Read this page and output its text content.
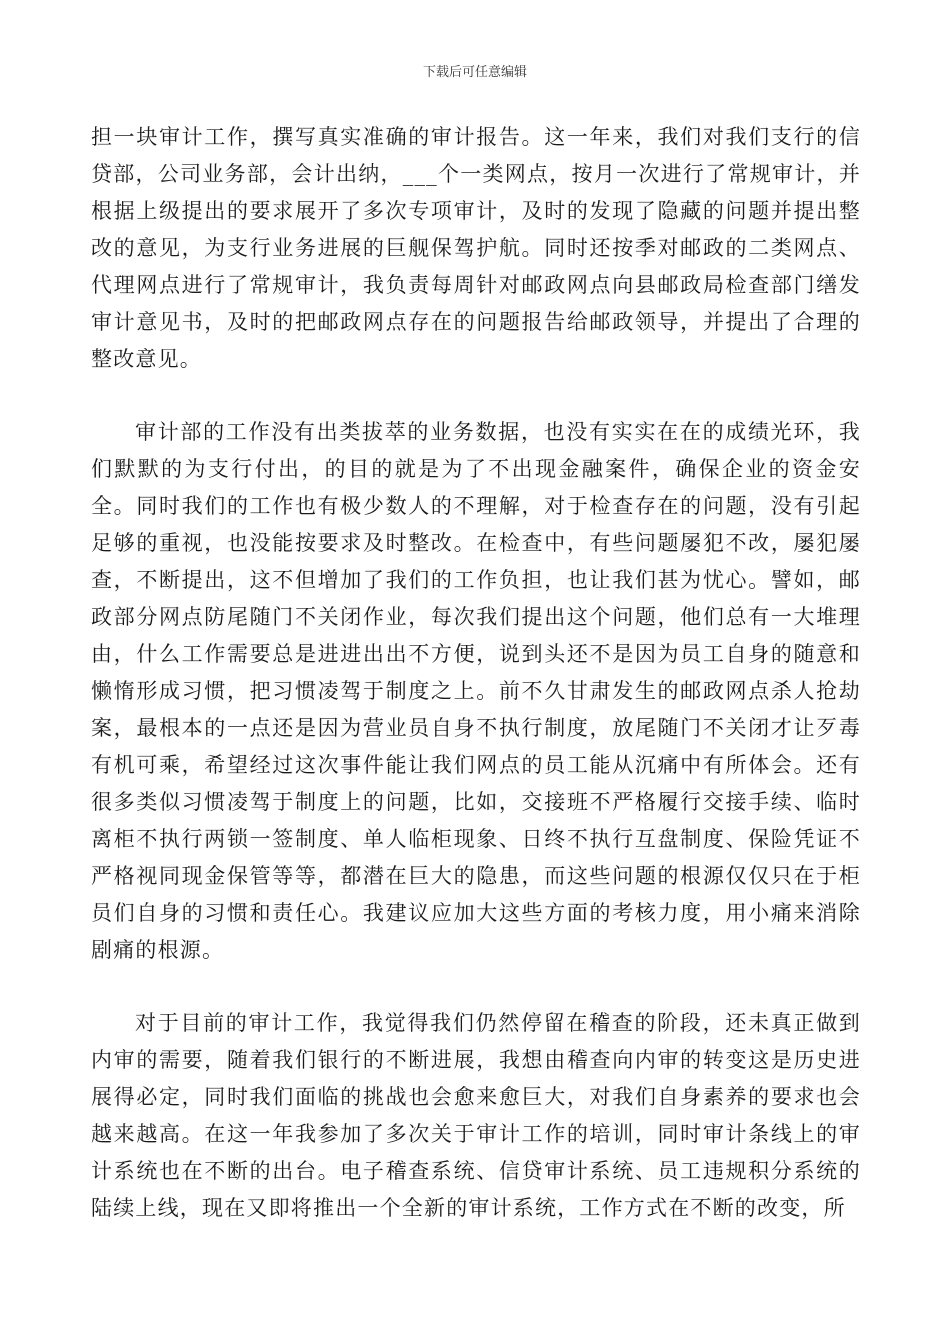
下载后可任意编辑

担一块审计工作，撰写真实准确的审计报告。这一年来，我们对我们支行的信贷部，公司业务部，会计出纳，___个一类网点，按月一次进行了常规审计，并根据上级提出的要求展开了多次专项审计，及时的发现了隐藏的问题并提出整改的意见，为支行业务进展的巨舰保驾护航。同时还按季对邮政的二类网点、代理网点进行了常规审计，我负责每周针对邮政网点向县邮政局检查部门缮发审计意见书，及时的把邮政网点存在的问题报告给邮政领导，并提出了合理的整改意见。

审计部的工作没有出类拔萃的业务数据，也没有实实在在的成绩光环，我们默默的为支行付出，的目的就是为了不出现金融案件，确保企业的资金安全。同时我们的工作也有极少数人的不理解，对于检查存在的问题，没有引起足够的重视，也没能按要求及时整改。在检查中，有些问题屡犯不改，屡犯屡查，不断提出，这不但增加了我们的工作负担，也让我们甚为忧心。譬如，邮政部分网点防尾随门不关闭作业，每次我们提出这个问题，他们总有一大堆理由，什么工作需要总是进进出出不方便，说到头还不是因为员工自身的随意和懒惰形成习惯，把习惯凌驾于制度之上。前不久甘肃发生的邮政网点杀人抢劫案，最根本的一点还是因为营业员自身不执行制度，放尾随门不关闭才让歹毒有机可乘，希望经过这次事件能让我们网点的员工能从沉痛中有所体会。还有很多类似习惯凌驾于制度上的问题，比如，交接班不严格履行交接手续、临时离柜不执行两锁一签制度、单人临柜现象、日终不执行互盘制度、保险凭证不严格视同现金保管等等，都潜在巨大的隐患，而这些问题的根源仅仅只在于柜员们自身的习惯和责任心。我建议应加大这些方面的考核力度，用小痛来消除剧痛的根源。

对于目前的审计工作，我觉得我们仍然停留在稽查的阶段，还未真正做到内审的需要，随着我们银行的不断进展，我想由稽查向内审的转变这是历史进展得必定，同时我们面临的挑战也会愈来愈巨大，对我们自身素养的要求也会越来越高。在这一年我参加了多次关于审计工作的培训，同时审计条线上的审计系统也在不断的出台。电子稽查系统、信贷审计系统、员工违规积分系统的陆续上线，现在又即将推出一个全新的审计系统，工作方式在不断的改变，所
